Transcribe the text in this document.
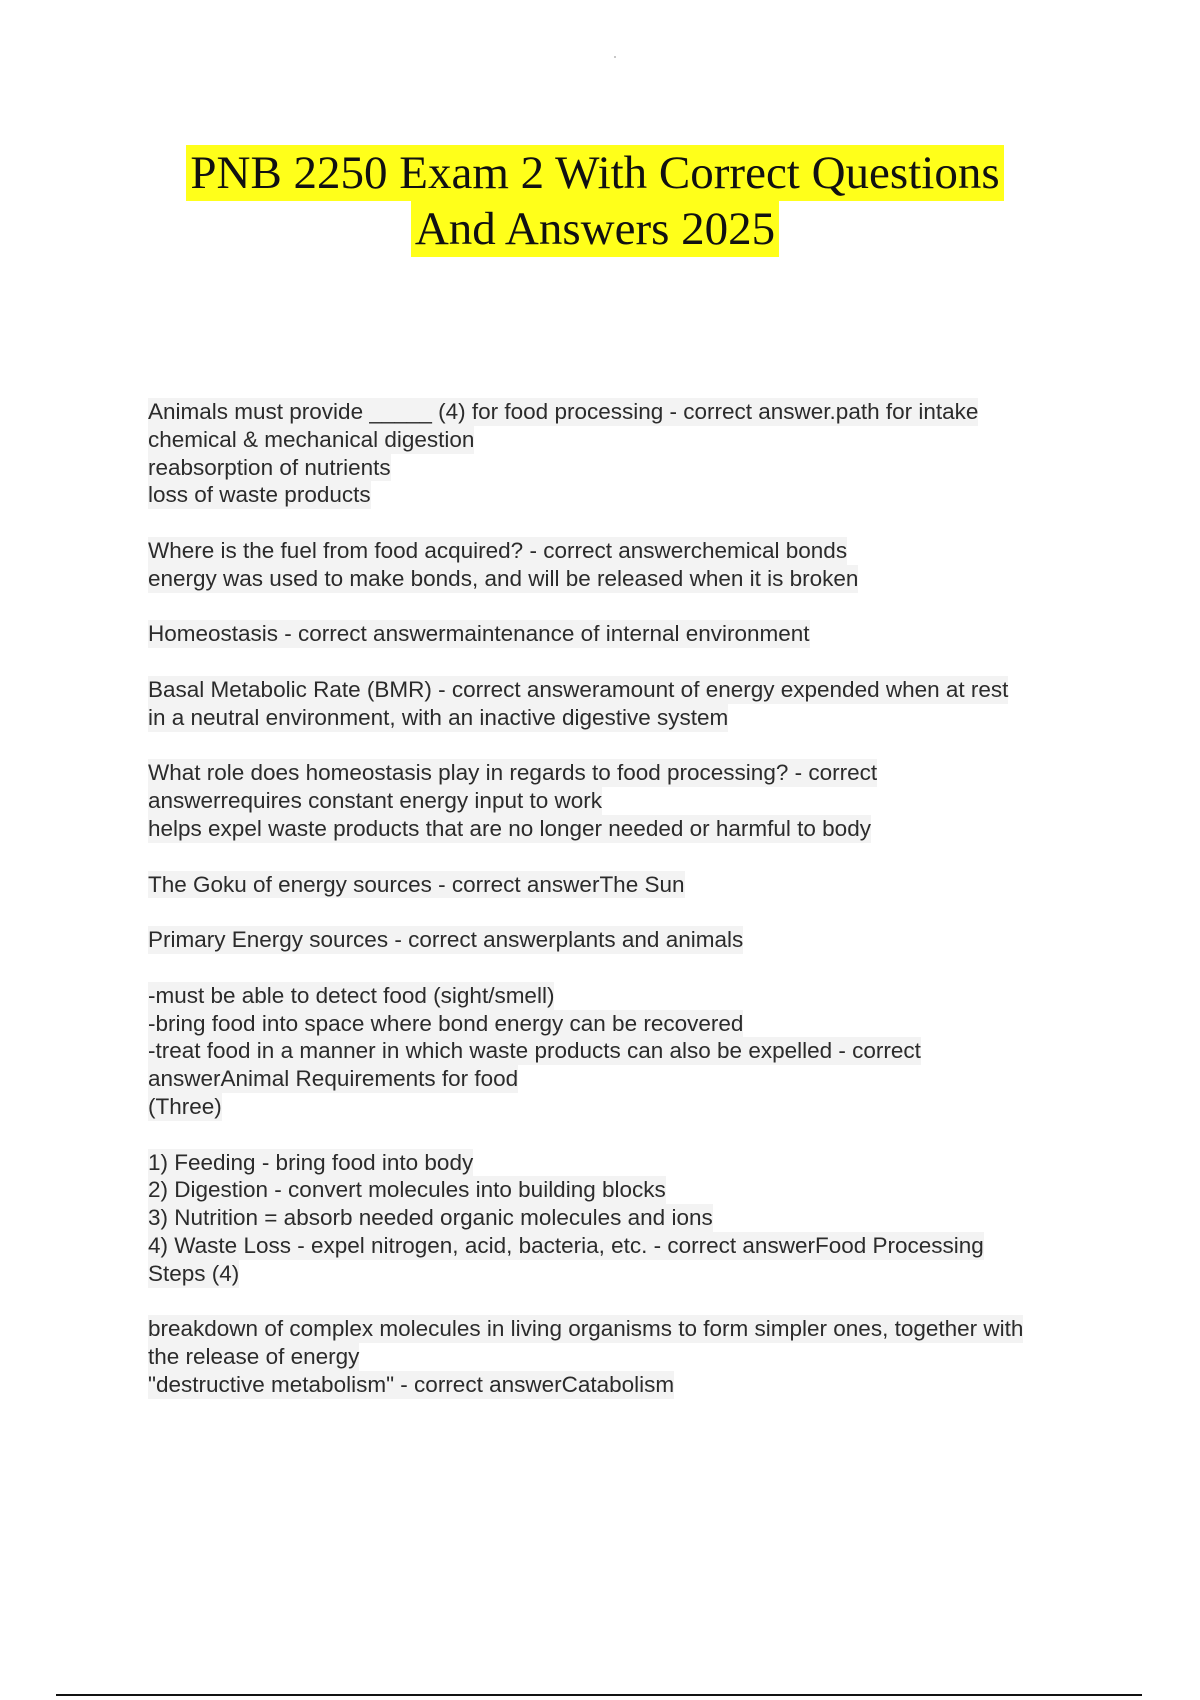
PNB 2250 Exam 2 With Correct Questions
And Answers 2025
Animals must provide _____ (4) for food processing - correct answer.path for intake
chemical & mechanical digestion
reabsorption of nutrients
loss of waste products
Where is the fuel from food acquired? - correct answerchemical bonds
energy was used to make bonds, and will be released when it is broken
Homeostasis - correct answermaintenance of internal environment
Basal Metabolic Rate (BMR) - correct answeramount of energy expended when at rest
in a neutral environment, with an inactive digestive system
What role does homeostasis play in regards to food processing? - correct
answerrequires constant energy input to work
helps expel waste products that are no longer needed or harmful to body
The Goku of energy sources - correct answerThe Sun
Primary Energy sources - correct answerplants and animals
-must be able to detect food (sight/smell)
-bring food into space where bond energy can be recovered
-treat food in a manner in which waste products can also be expelled - correct
answerAnimal Requirements for food
(Three)
1) Feeding - bring food into body
2) Digestion - convert molecules into building blocks
3) Nutrition = absorb needed organic molecules and ions
4) Waste Loss - expel nitrogen, acid, bacteria, etc. - correct answerFood Processing
Steps (4)
breakdown of complex molecules in living organisms to form simpler ones, together with
the release of energy
"destructive metabolism" - correct answerCatabolism
